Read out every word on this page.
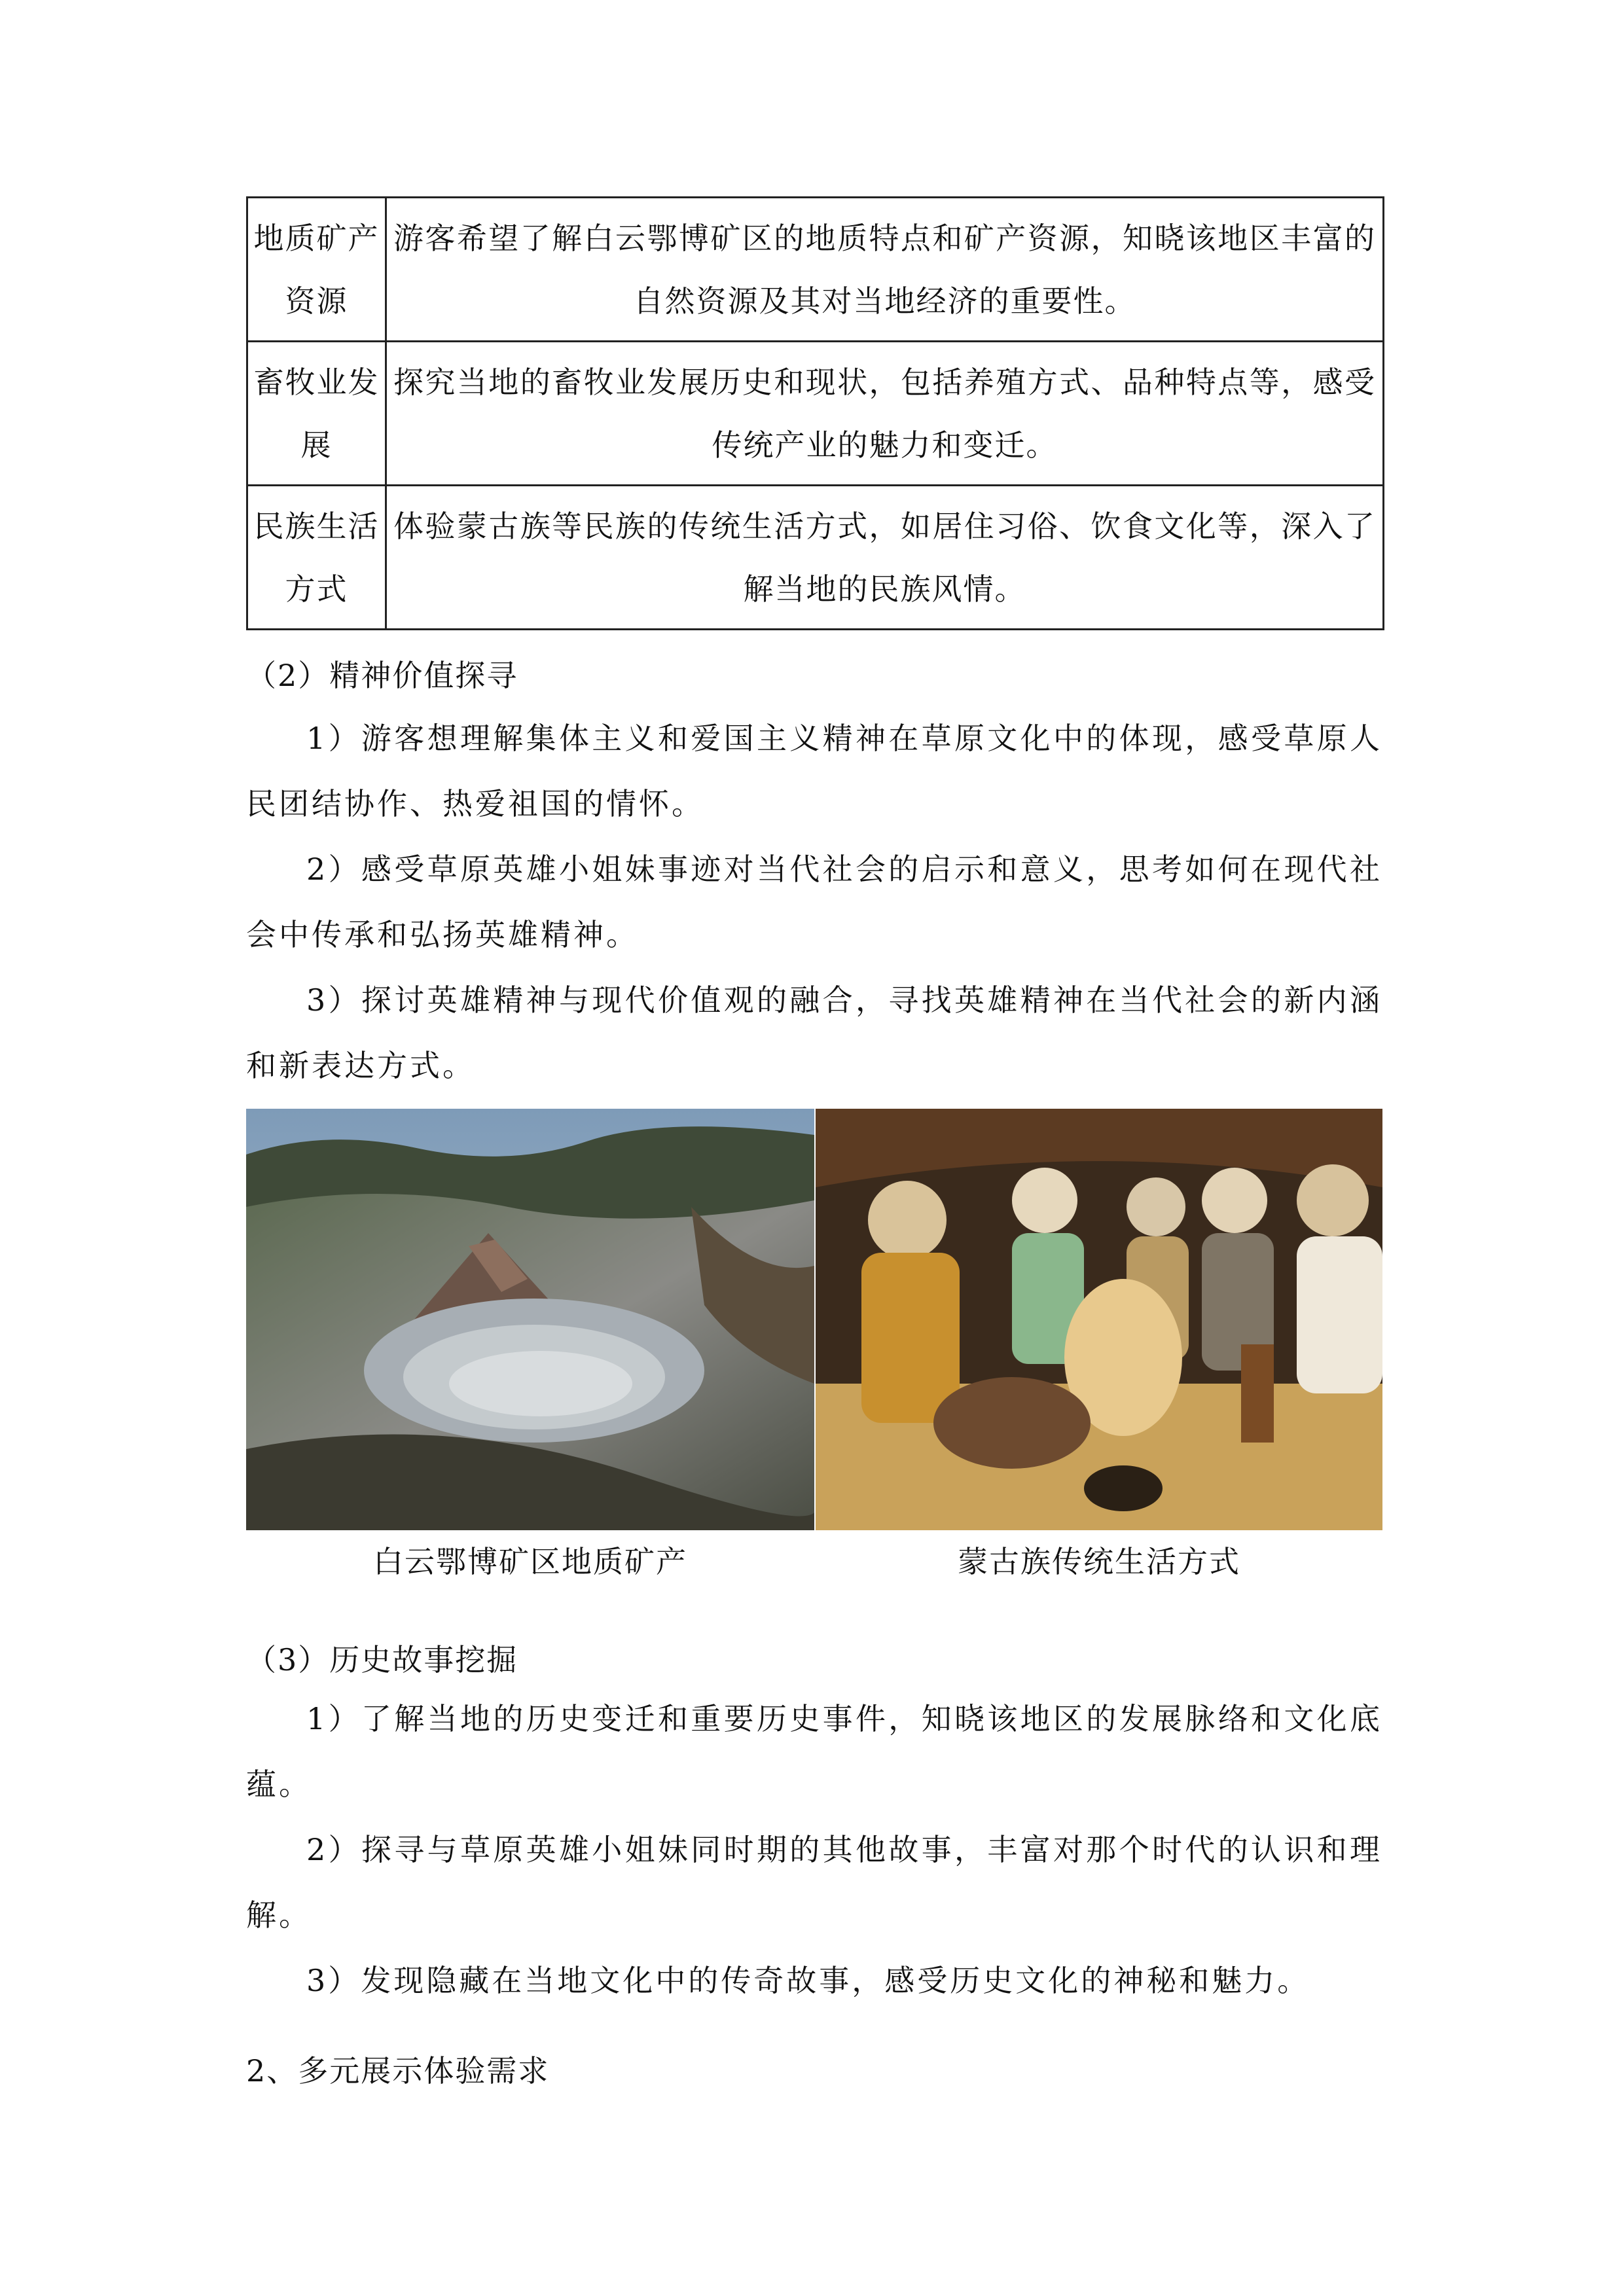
地质矿产资源	游客希望了解白云鄂博矿区的地质特点和矿产资源，知晓该地区丰富的自然资源及其对当地经济的重要性。
畜牧业发展	探究当地的畜牧业发展历史和现状，包括养殖方式、品种特点等，感受传统产业的魅力和变迁。
民族生活方式	体验蒙古族等民族的传统生活方式，如居住习俗、饮食文化等，深入了解当地的民族风情。
（2）精神价值探寻
1）游客想理解集体主义和爱国主义精神在草原文化中的体现，感受草原人民团结协作、热爱祖国的情怀。
2）感受草原英雄小姐妹事迹对当代社会的启示和意义，思考如何在现代社会中传承和弘扬英雄精神。
3）探讨英雄精神与现代价值观的融合，寻找英雄精神在当代社会的新内涵和新表达方式。
白云鄂博矿区地质矿产	蒙古族传统生活方式
（3）历史故事挖掘
1）了解当地的历史变迁和重要历史事件，知晓该地区的发展脉络和文化底蕴。
2）探寻与草原英雄小姐妹同时期的其他故事，丰富对那个时代的认识和理解。
3）发现隐藏在当地文化中的传奇故事，感受历史文化的神秘和魅力。
2、多元展示体验需求
